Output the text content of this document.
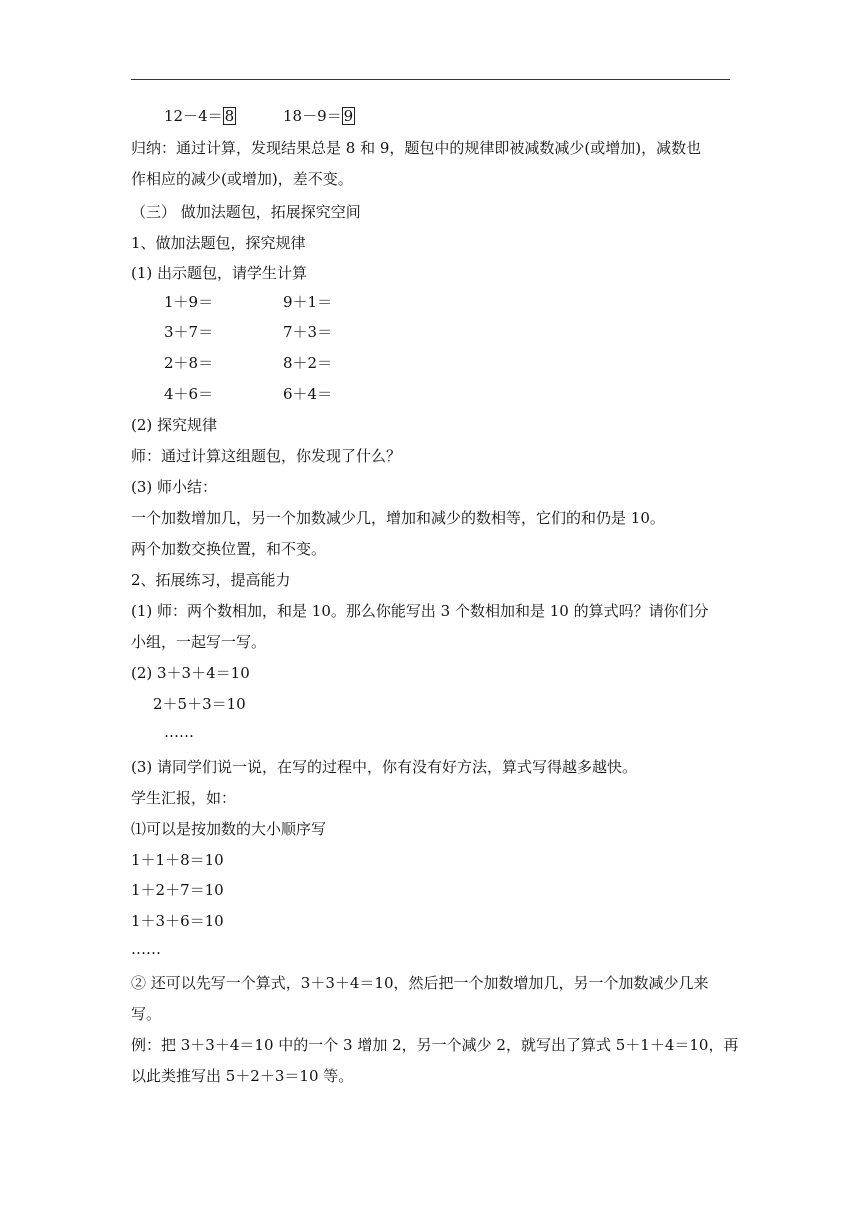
12－4＝ 8	18－9＝ 9
归纳：通过计算，发现结果总是 8 和 9，题包中的规律即被减数减少(或增加)，减数也
作相应的减少(或增加)，差不变。
（三） 做加法题包，拓展探究空间
1、做加法题包，探究规律
(1) 出示题包，请学生计算
1＋9＝	9＋1＝
3＋7＝	7＋3＝
2＋8＝	8＋2＝
4＋6＝	6＋4＝
(2) 探究规律
师：通过计算这组题包，你发现了什么？
(3) 师小结：
一个加数增加几，另一个加数减少几，增加和减少的数相等，它们的和仍是 10。
两个加数交换位置，和不变。
2、拓展练习，提高能力
(1) 师：两个数相加，和是 10。那么你能写出 3 个数相加和是 10 的算式吗？请你们分
小组，一起写一写。
(2) 3＋3＋4＝10
2＋5＋3＝10
……
(3) 请同学们说一说，在写的过程中，你有没有好方法，算式写得越多越快。
学生汇报，如：
⑴可以是按加数的大小顺序写
1＋1＋8＝10
1＋2＋7＝10
1＋3＋6＝10
……
② 还可以先写一个算式，3＋3＋4＝10，然后把一个加数增加几，另一个加数减少几来
写。
例：把 3＋3＋4＝10 中的一个 3 增加 2，另一个减少 2，就写出了算式 5＋1＋4＝10，再
以此类推写出 5＋2＋3＝10 等。
